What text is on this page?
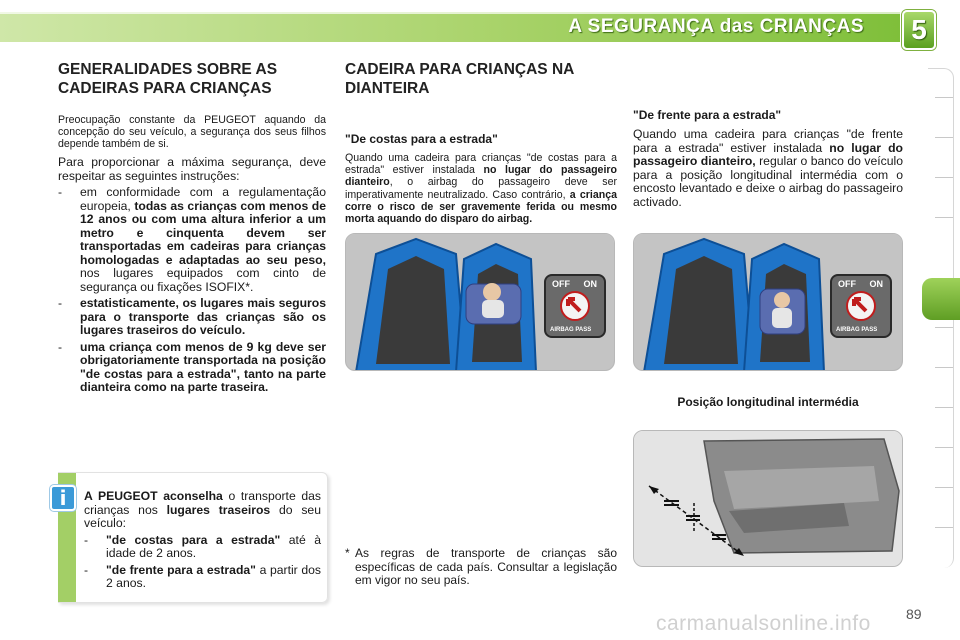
A SEGURANÇA das CRIANÇAS 5
GENERALIDADES SOBRE AS CADEIRAS PARA CRIANÇAS
Preocupação constante da PEUGEOT aquando da concepção do seu veículo, a segurança dos seus filhos depende também de si.
Para proporcionar a máxima segurança, deve respeitar as seguintes instruções:
- em conformidade com a regulamentação europeia, todas as crianças com menos de 12 anos ou com uma altura inferior a um metro e cinquenta devem ser transportadas em cadeiras para crianças homologadas e adaptadas ao seu peso, nos lugares equipados com cinto de segurança ou fixações ISOFIX*.
- estatisticamente, os lugares mais seguros para o transporte das crianças são os lugares traseiros do veículo.
- uma criança com menos de 9 kg deve ser obrigatoriamente transportada na posição "de costas para a estrada", tanto na parte dianteira como na parte traseira.
CADEIRA PARA CRIANÇAS NA DIANTEIRA
"De costas para a estrada"
Quando uma cadeira para crianças "de costas para a estrada" estiver instalada no lugar do passageiro dianteiro, o airbag do passageiro deve ser imperativamente neutralizado. Caso contrário, a criança corre o risco de ser gravemente ferida ou mesmo morta aquando do disparo do airbag.
"De frente para a estrada"
Quando uma cadeira para crianças "de frente para a estrada" estiver instalada no lugar do passageiro dianteiro, regular o banco do veículo para a posição longitudinal intermédia com o encosto levantado e deixe o airbag do passageiro activado.
OFF ON
AIRBAG PASS
OFF ON
AIRBAG PASS
Posição longitudinal intermédia
* As regras de transporte de crianças são específicas de cada país. Consultar a legislação em vigor no seu país.
i	A PEUGEOT aconselha o transporte das crianças nos lugares traseiros do seu veículo:
- "de costas para a estrada" até à idade de 2 anos.
- "de frente para a estrada" a partir dos 2 anos.
carmanualsonline.info	89
